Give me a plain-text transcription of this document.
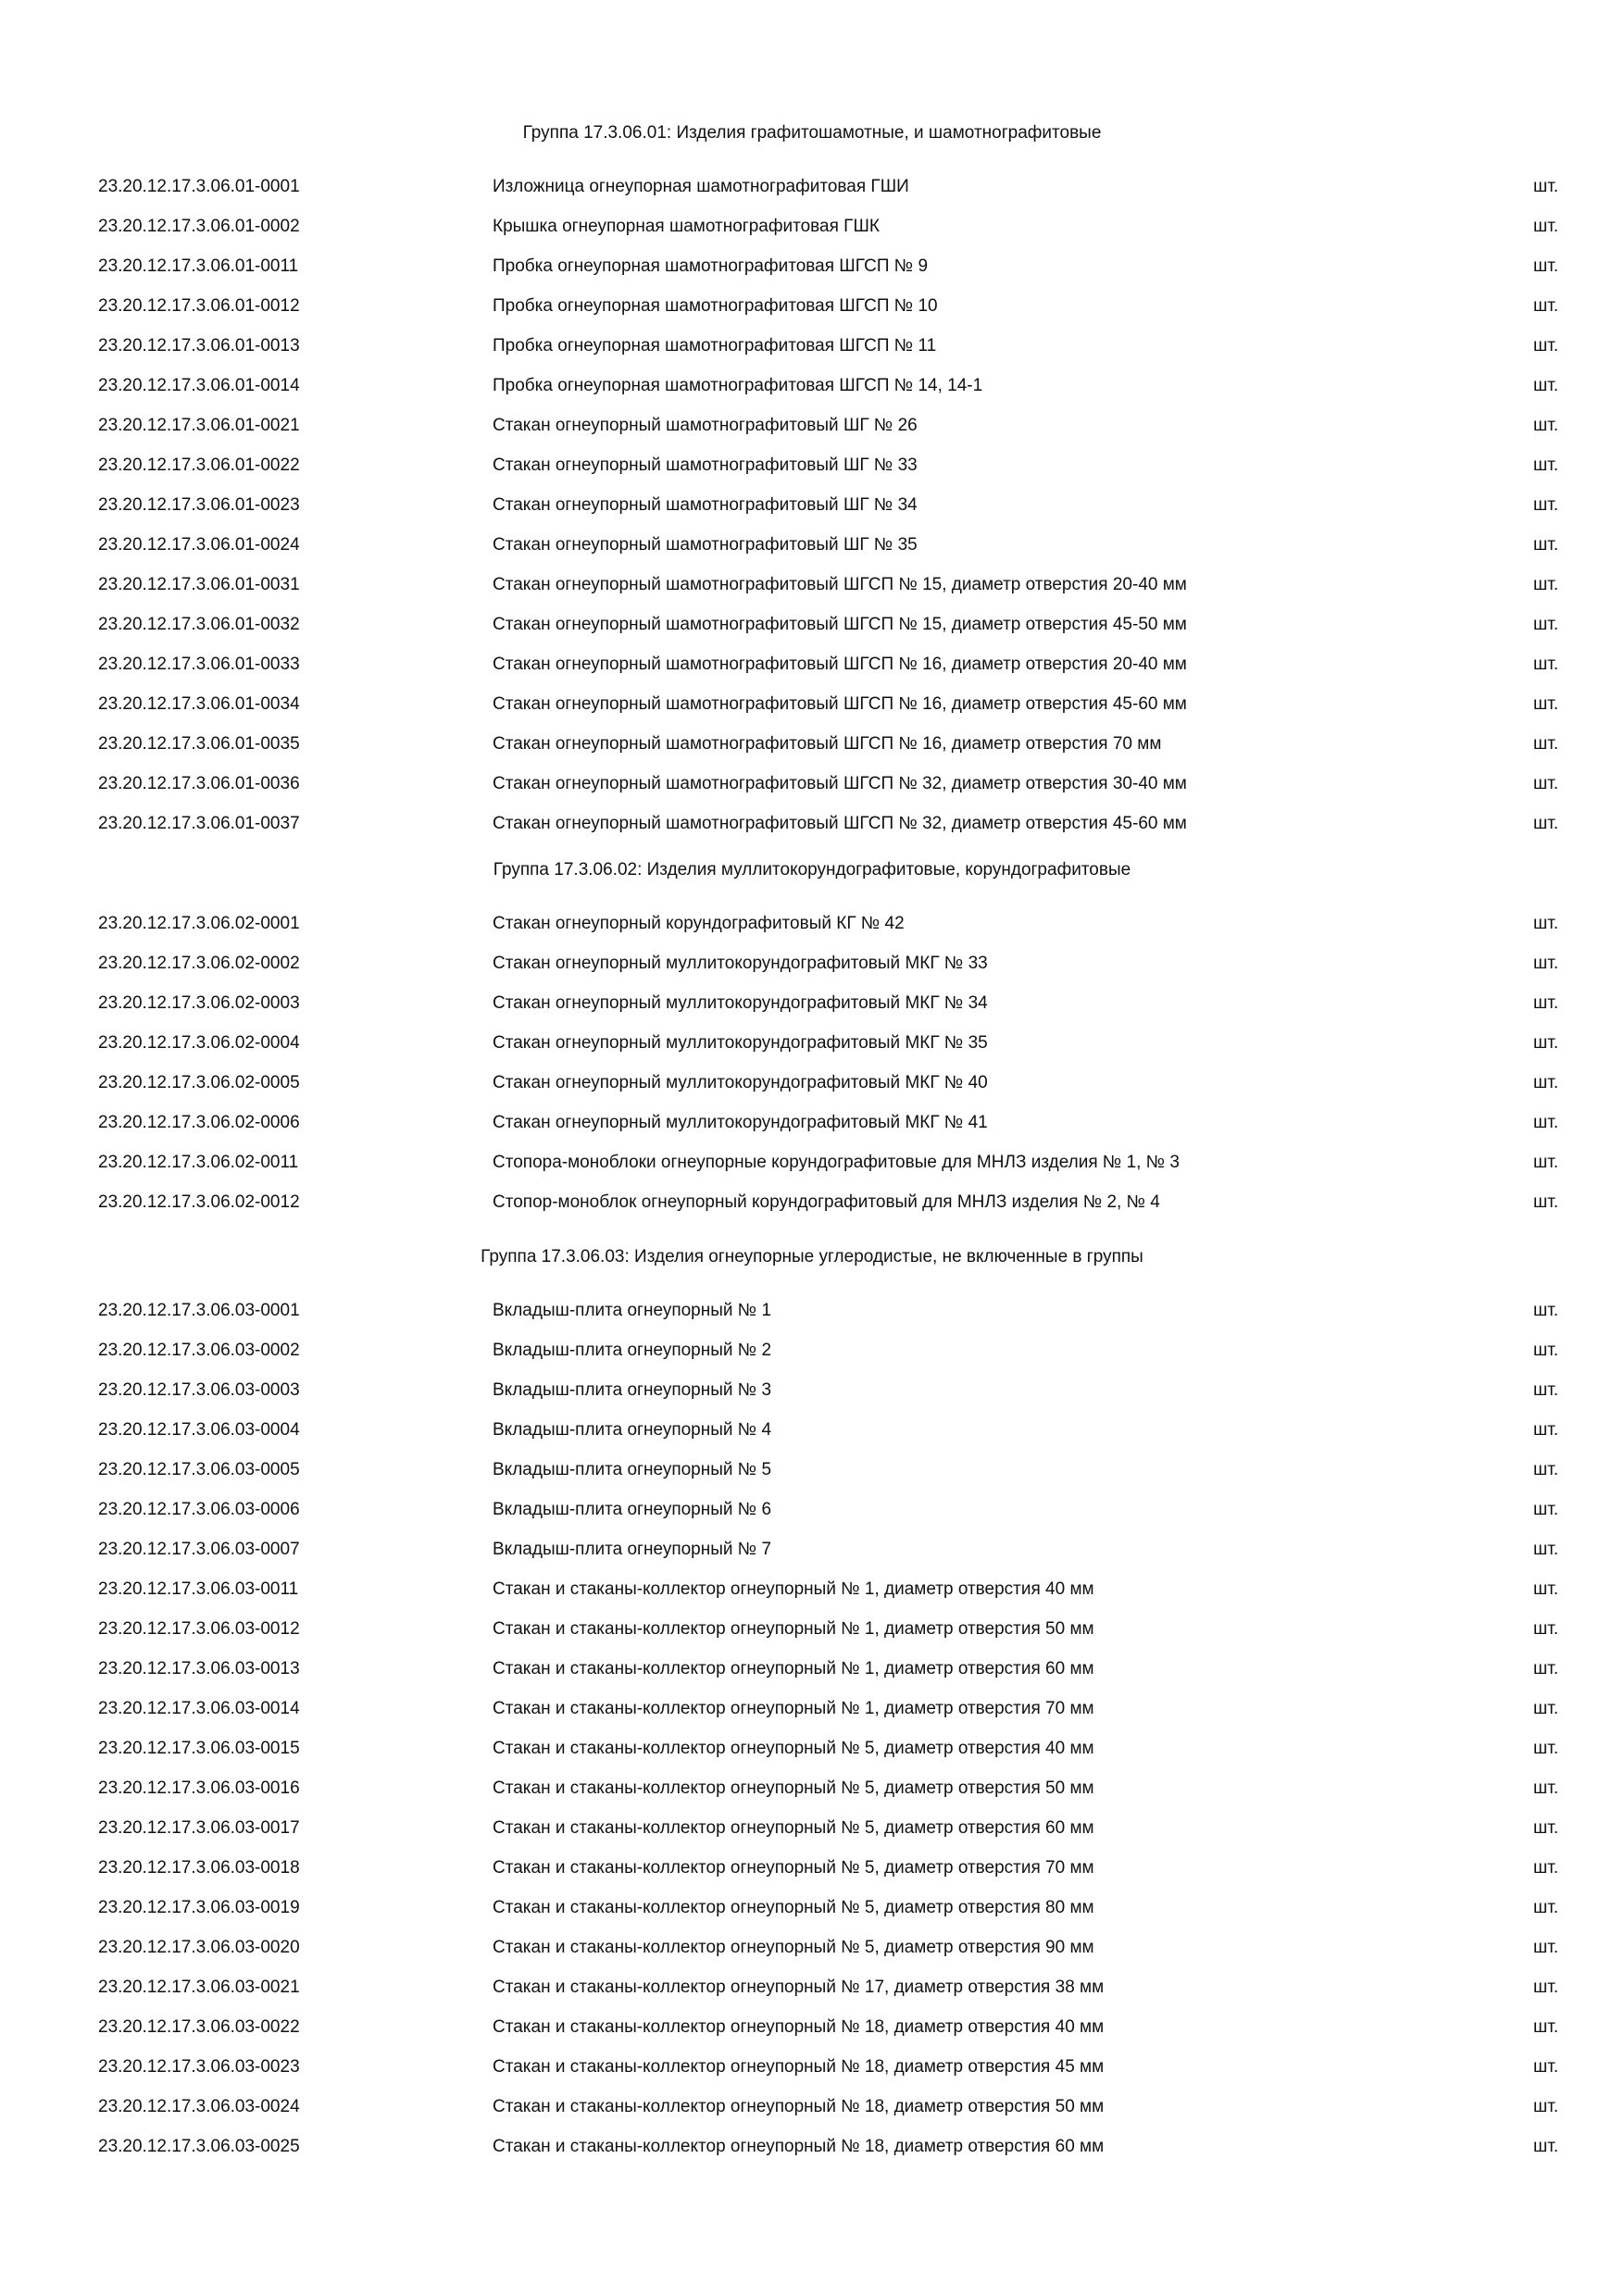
Группа 17.3.06.01: Изделия графитошамотные, и шамотнографитовые
23.20.12.17.3.06.01-0001	Изложница огнеупорная шамотнографитовая ГШИ	шт.
23.20.12.17.3.06.01-0002	Крышка огнеупорная шамотнографитовая ГШК	шт.
23.20.12.17.3.06.01-0011	Пробка огнеупорная шамотнографитовая ШГСП № 9	шт.
23.20.12.17.3.06.01-0012	Пробка огнеупорная шамотнографитовая ШГСП № 10	шт.
23.20.12.17.3.06.01-0013	Пробка огнеупорная шамотнографитовая ШГСП № 11	шт.
23.20.12.17.3.06.01-0014	Пробка огнеупорная шамотнографитовая ШГСП № 14, 14-1	шт.
23.20.12.17.3.06.01-0021	Стакан огнеупорный шамотнографитовый ШГ № 26	шт.
23.20.12.17.3.06.01-0022	Стакан огнеупорный шамотнографитовый ШГ № 33	шт.
23.20.12.17.3.06.01-0023	Стакан огнеупорный шамотнографитовый ШГ № 34	шт.
23.20.12.17.3.06.01-0024	Стакан огнеупорный шамотнографитовый ШГ № 35	шт.
23.20.12.17.3.06.01-0031	Стакан огнеупорный шамотнографитовый ШГСП № 15, диаметр отверстия 20-40 мм	шт.
23.20.12.17.3.06.01-0032	Стакан огнеупорный шамотнографитовый ШГСП № 15, диаметр отверстия 45-50 мм	шт.
23.20.12.17.3.06.01-0033	Стакан огнеупорный шамотнографитовый ШГСП № 16, диаметр отверстия 20-40 мм	шт.
23.20.12.17.3.06.01-0034	Стакан огнеупорный шамотнографитовый ШГСП № 16, диаметр отверстия 45-60 мм	шт.
23.20.12.17.3.06.01-0035	Стакан огнеупорный шамотнографитовый ШГСП № 16, диаметр отверстия 70 мм	шт.
23.20.12.17.3.06.01-0036	Стакан огнеупорный шамотнографитовый ШГСП № 32, диаметр отверстия 30-40 мм	шт.
23.20.12.17.3.06.01-0037	Стакан огнеупорный шамотнографитовый ШГСП № 32, диаметр отверстия 45-60 мм	шт.
Группа 17.3.06.02: Изделия муллитокорундографитовые, корундографитовые
23.20.12.17.3.06.02-0001	Стакан огнеупорный корундографитовый КГ № 42	шт.
23.20.12.17.3.06.02-0002	Стакан огнеупорный муллитокорундографитовый МКГ № 33	шт.
23.20.12.17.3.06.02-0003	Стакан огнеупорный муллитокорундографитовый МКГ № 34	шт.
23.20.12.17.3.06.02-0004	Стакан огнеупорный муллитокорундографитовый МКГ № 35	шт.
23.20.12.17.3.06.02-0005	Стакан огнеупорный муллитокорундографитовый МКГ № 40	шт.
23.20.12.17.3.06.02-0006	Стакан огнеупорный муллитокорундографитовый МКГ № 41	шт.
23.20.12.17.3.06.02-0011	Стопора-моноблоки огнеупорные корундографитовые для МНЛЗ изделия № 1, № 3	шт.
23.20.12.17.3.06.02-0012	Стопор-моноблок огнеупорный корундографитовый для МНЛЗ изделия № 2, № 4	шт.
Группа 17.3.06.03: Изделия огнеупорные углеродистые, не включенные в группы
23.20.12.17.3.06.03-0001	Вкладыш-плита огнеупорный № 1	шт.
23.20.12.17.3.06.03-0002	Вкладыш-плита огнеупорный № 2	шт.
23.20.12.17.3.06.03-0003	Вкладыш-плита огнеупорный № 3	шт.
23.20.12.17.3.06.03-0004	Вкладыш-плита огнеупорный № 4	шт.
23.20.12.17.3.06.03-0005	Вкладыш-плита огнеупорный № 5	шт.
23.20.12.17.3.06.03-0006	Вкладыш-плита огнеупорный № 6	шт.
23.20.12.17.3.06.03-0007	Вкладыш-плита огнеупорный № 7	шт.
23.20.12.17.3.06.03-0011	Стакан и стаканы-коллектор огнеупорный № 1, диаметр отверстия 40 мм	шт.
23.20.12.17.3.06.03-0012	Стакан и стаканы-коллектор огнеупорный № 1, диаметр отверстия 50 мм	шт.
23.20.12.17.3.06.03-0013	Стакан и стаканы-коллектор огнеупорный № 1, диаметр отверстия 60 мм	шт.
23.20.12.17.3.06.03-0014	Стакан и стаканы-коллектор огнеупорный № 1, диаметр отверстия 70 мм	шт.
23.20.12.17.3.06.03-0015	Стакан и стаканы-коллектор огнеупорный № 5, диаметр отверстия 40 мм	шт.
23.20.12.17.3.06.03-0016	Стакан и стаканы-коллектор огнеупорный № 5, диаметр отверстия 50 мм	шт.
23.20.12.17.3.06.03-0017	Стакан и стаканы-коллектор огнеупорный № 5, диаметр отверстия 60 мм	шт.
23.20.12.17.3.06.03-0018	Стакан и стаканы-коллектор огнеупорный № 5, диаметр отверстия 70 мм	шт.
23.20.12.17.3.06.03-0019	Стакан и стаканы-коллектор огнеупорный № 5, диаметр отверстия 80 мм	шт.
23.20.12.17.3.06.03-0020	Стакан и стаканы-коллектор огнеупорный № 5, диаметр отверстия 90 мм	шт.
23.20.12.17.3.06.03-0021	Стакан и стаканы-коллектор огнеупорный № 17, диаметр отверстия 38 мм	шт.
23.20.12.17.3.06.03-0022	Стакан и стаканы-коллектор огнеупорный № 18, диаметр отверстия 40 мм	шт.
23.20.12.17.3.06.03-0023	Стакан и стаканы-коллектор огнеупорный № 18, диаметр отверстия 45 мм	шт.
23.20.12.17.3.06.03-0024	Стакан и стаканы-коллектор огнеупорный № 18, диаметр отверстия 50 мм	шт.
23.20.12.17.3.06.03-0025	Стакан и стаканы-коллектор огнеупорный № 18, диаметр отверстия 60 мм	шт.
